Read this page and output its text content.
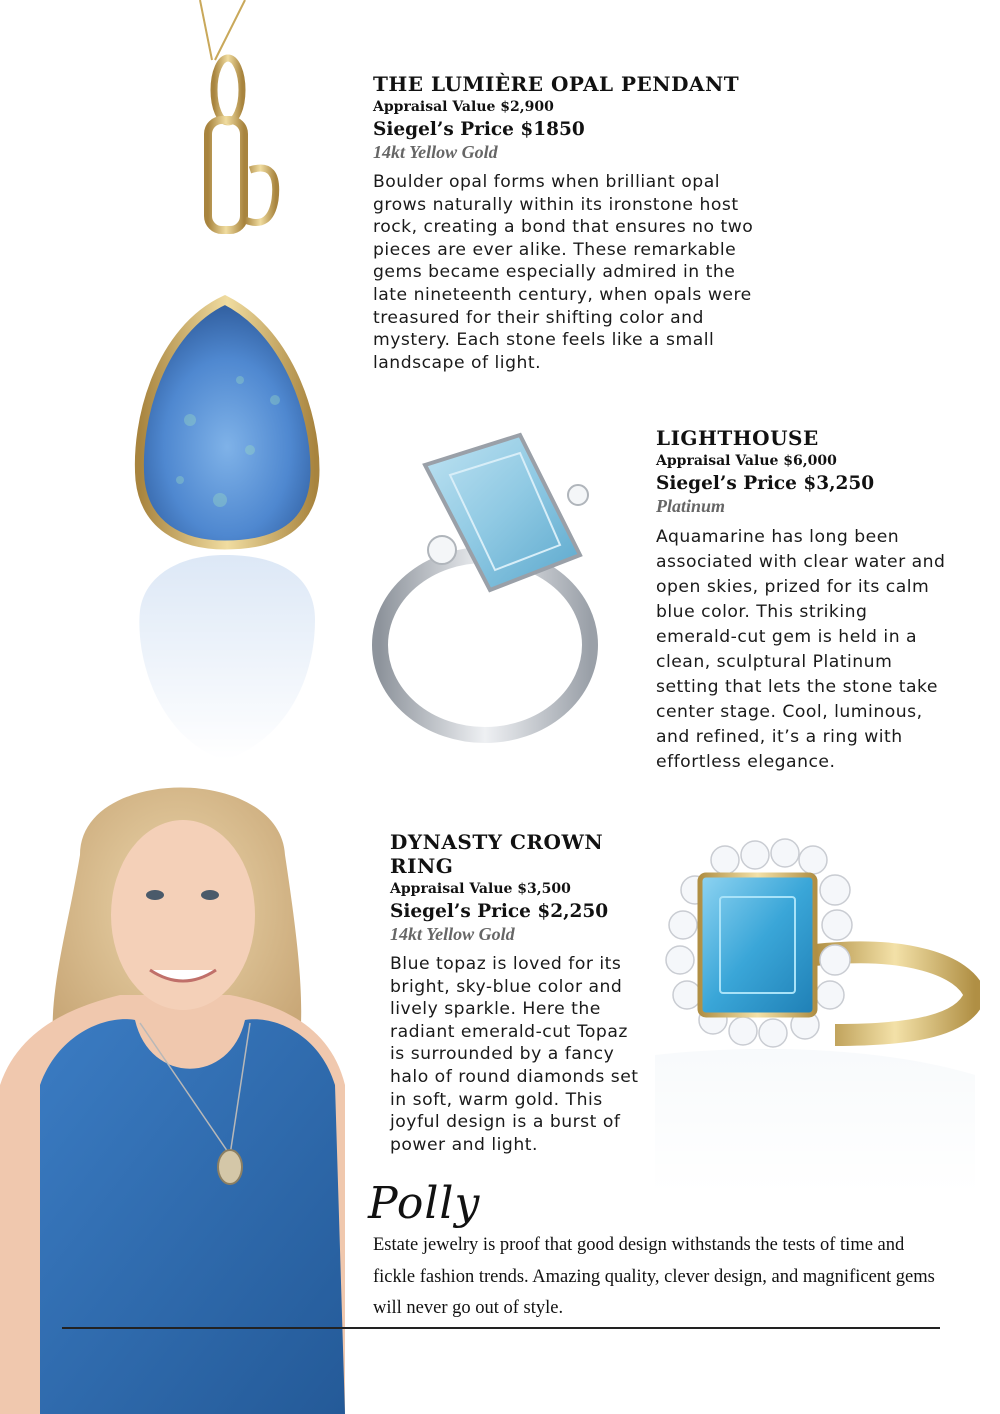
THE LUMIÈRE OPAL PENDANT
Appraisal Value $2,900
Siegel’s Price $1850
14kt Yellow Gold
Boulder opal forms when brilliant opal grows naturally within its ironstone host rock, creating a bond that ensures no two pieces are ever alike. These remarkable gems became especially admired in the late nineteenth century, when opals were treasured for their shifting color and mystery. Each stone feels like a small landscape of light.
LIGHTHOUSE
Appraisal Value $6,000
Siegel’s Price $3,250
Platinum
Aquamarine has long been associated with clear water and open skies, prized for its calm blue color. This striking emerald-cut gem is held in a clean, sculptural Platinum setting that lets the stone take center stage. Cool, luminous, and refined, it’s a ring with effortless elegance.
DYNASTY CROWN RING
Appraisal Value $3,500
Siegel’s Price $2,250
14kt Yellow Gold
Blue topaz is loved for its bright, sky-blue color and lively sparkle. Here the radiant emerald-cut Topaz is surrounded by a fancy halo of round diamonds set in soft, warm gold. This joyful design is a burst of power and light.
Polly
Estate jewelry is proof that good design withstands the tests of time and fickle fashion trends. Amazing quality, clever design, and magnificent gems will never go out of style.
